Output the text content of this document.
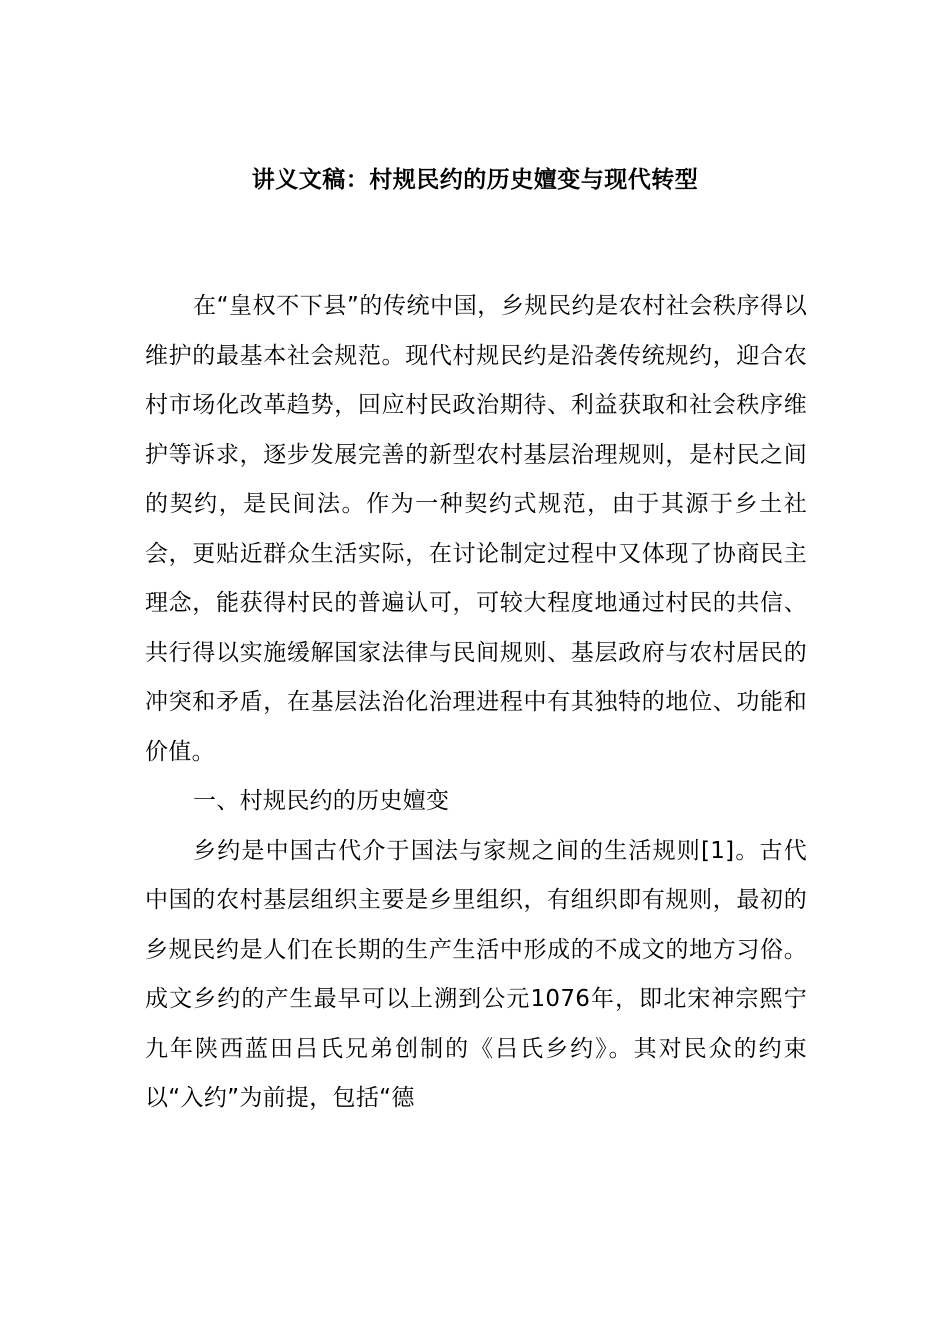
讲义文稿：村规民约的历史嬗变与现代转型

在“皇权不下县”的传统中国，乡规民约是农村社会秩序得以维护的最基本社会规范。现代村规民约是沿袭传统规约，迎合农村市场化改革趋势，回应村民政治期待、利益获取和社会秩序维护等诉求，逐步发展完善的新型农村基层治理规则，是村民之间的契约，是民间法。作为一种契约式规范，由于其源于乡土社会，更贴近群众生活实际，在讨论制定过程中又体现了协商民主理念，能获得村民的普遍认可，可较大程度地通过村民的共信、共行得以实施缓解国家法律与民间规则、基层政府与农村居民的冲突和矛盾，在基层法治化治理进程中有其独特的地位、功能和价值。

一、村规民约的历史嬗变

乡约是中国古代介于国法与家规之间的生活规则[1]。古代中国的农村基层组织主要是乡里组织，有组织即有规则，最初的乡规民约是人们在长期的生产生活中形成的不成文的地方习俗。成文乡约的产生最早可以上溯到公元1076年，即北宋神宗熙宁九年陕西蓝田吕氏兄弟创制的《吕氏乡约》。其对民众的约束以“入约”为前提，包括“德
